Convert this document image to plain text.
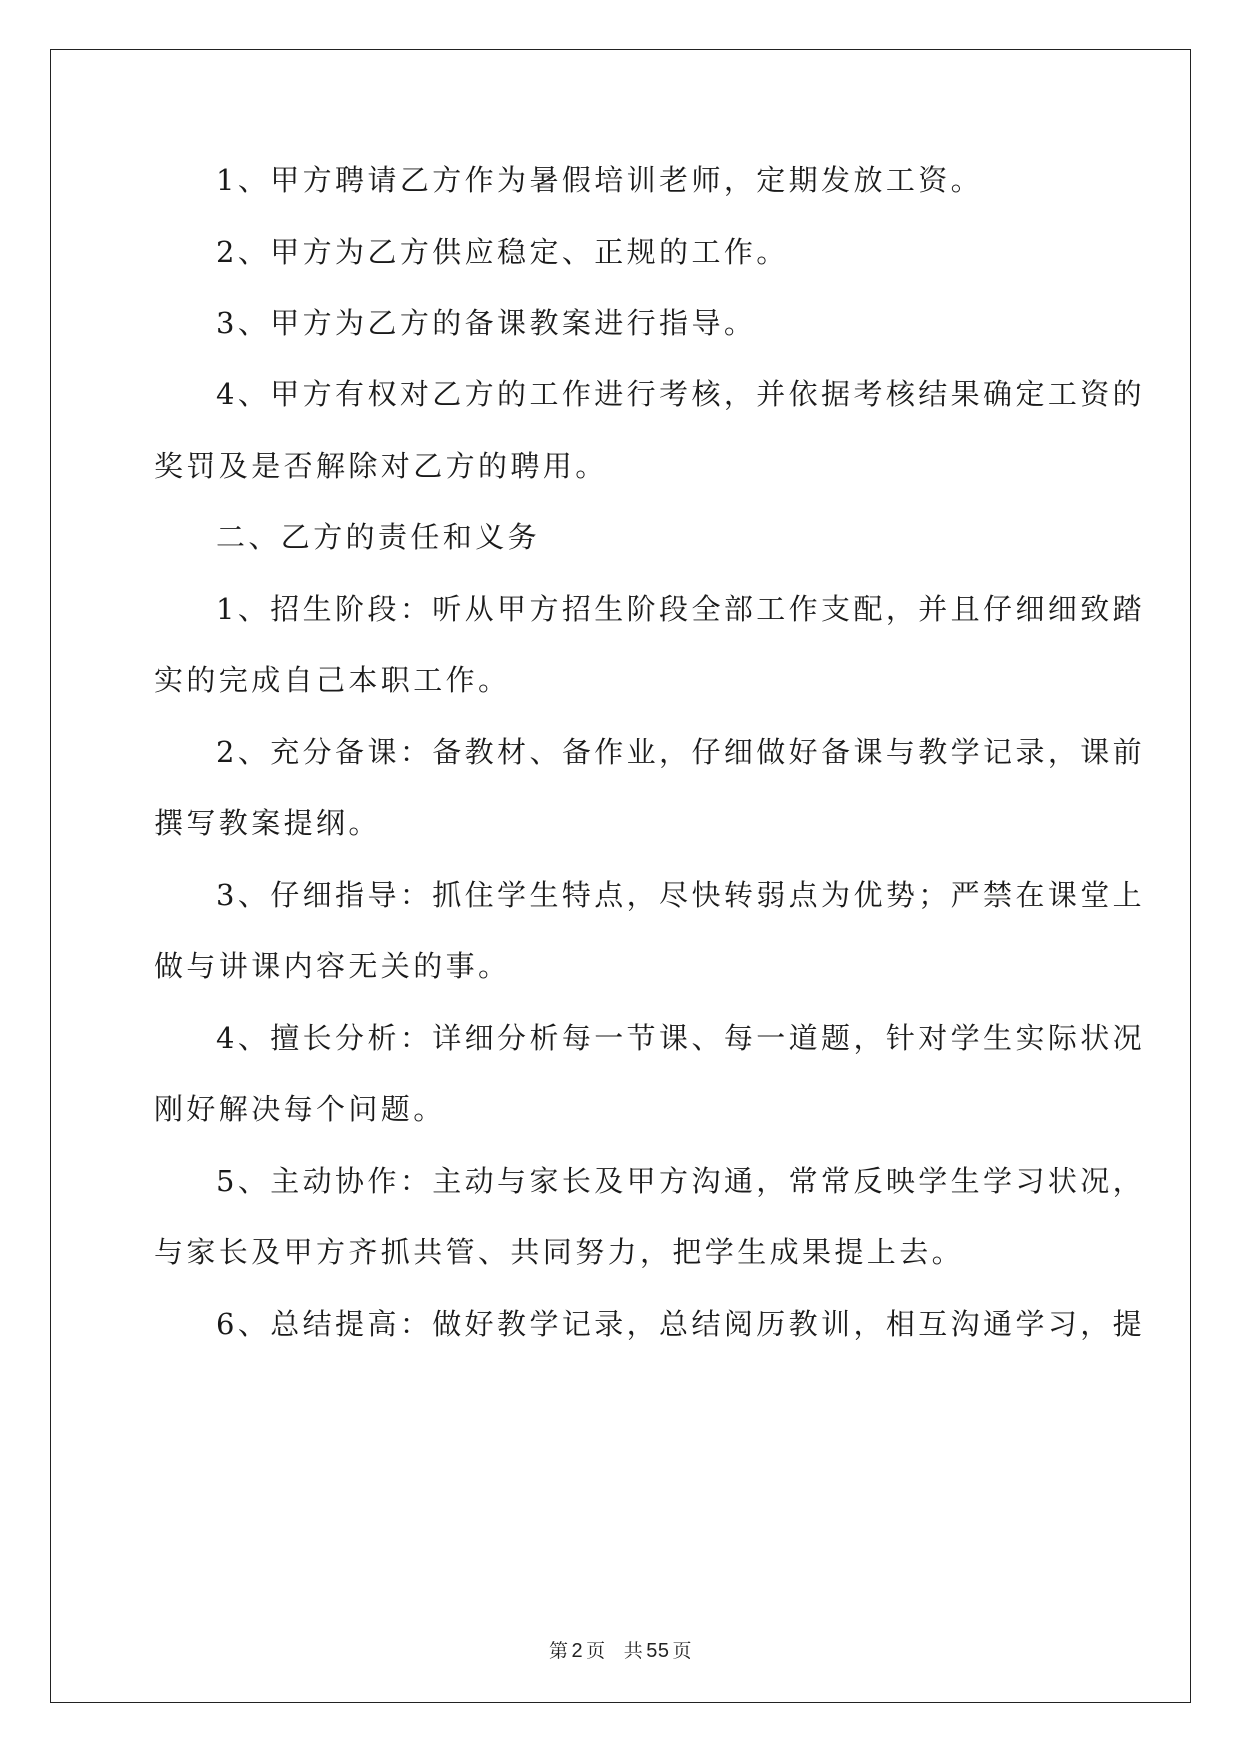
1、甲方聘请乙方作为暑假培训老师，定期发放工资。
2、甲方为乙方供应稳定、正规的工作。
3、甲方为乙方的备课教案进行指导。
4、甲方有权对乙方的工作进行考核，并依据考核结果确定工资的
奖罚及是否解除对乙方的聘用。
二、乙方的责任和义务
1、招生阶段：听从甲方招生阶段全部工作支配，并且仔细细致踏
实的完成自己本职工作。
2、充分备课：备教材、备作业，仔细做好备课与教学记录，课前
撰写教案提纲。
3、仔细指导：抓住学生特点，尽快转弱点为优势；严禁在课堂上
做与讲课内容无关的事。
4、擅长分析：详细分析每一节课、每一道题，针对学生实际状况
刚好解决每个问题。
5、主动协作：主动与家长及甲方沟通，常常反映学生学习状况，
与家长及甲方齐抓共管、共同努力，把学生成果提上去。
6、总结提高：做好教学记录，总结阅历教训，相互沟通学习，提
第 2 页 共 55 页
